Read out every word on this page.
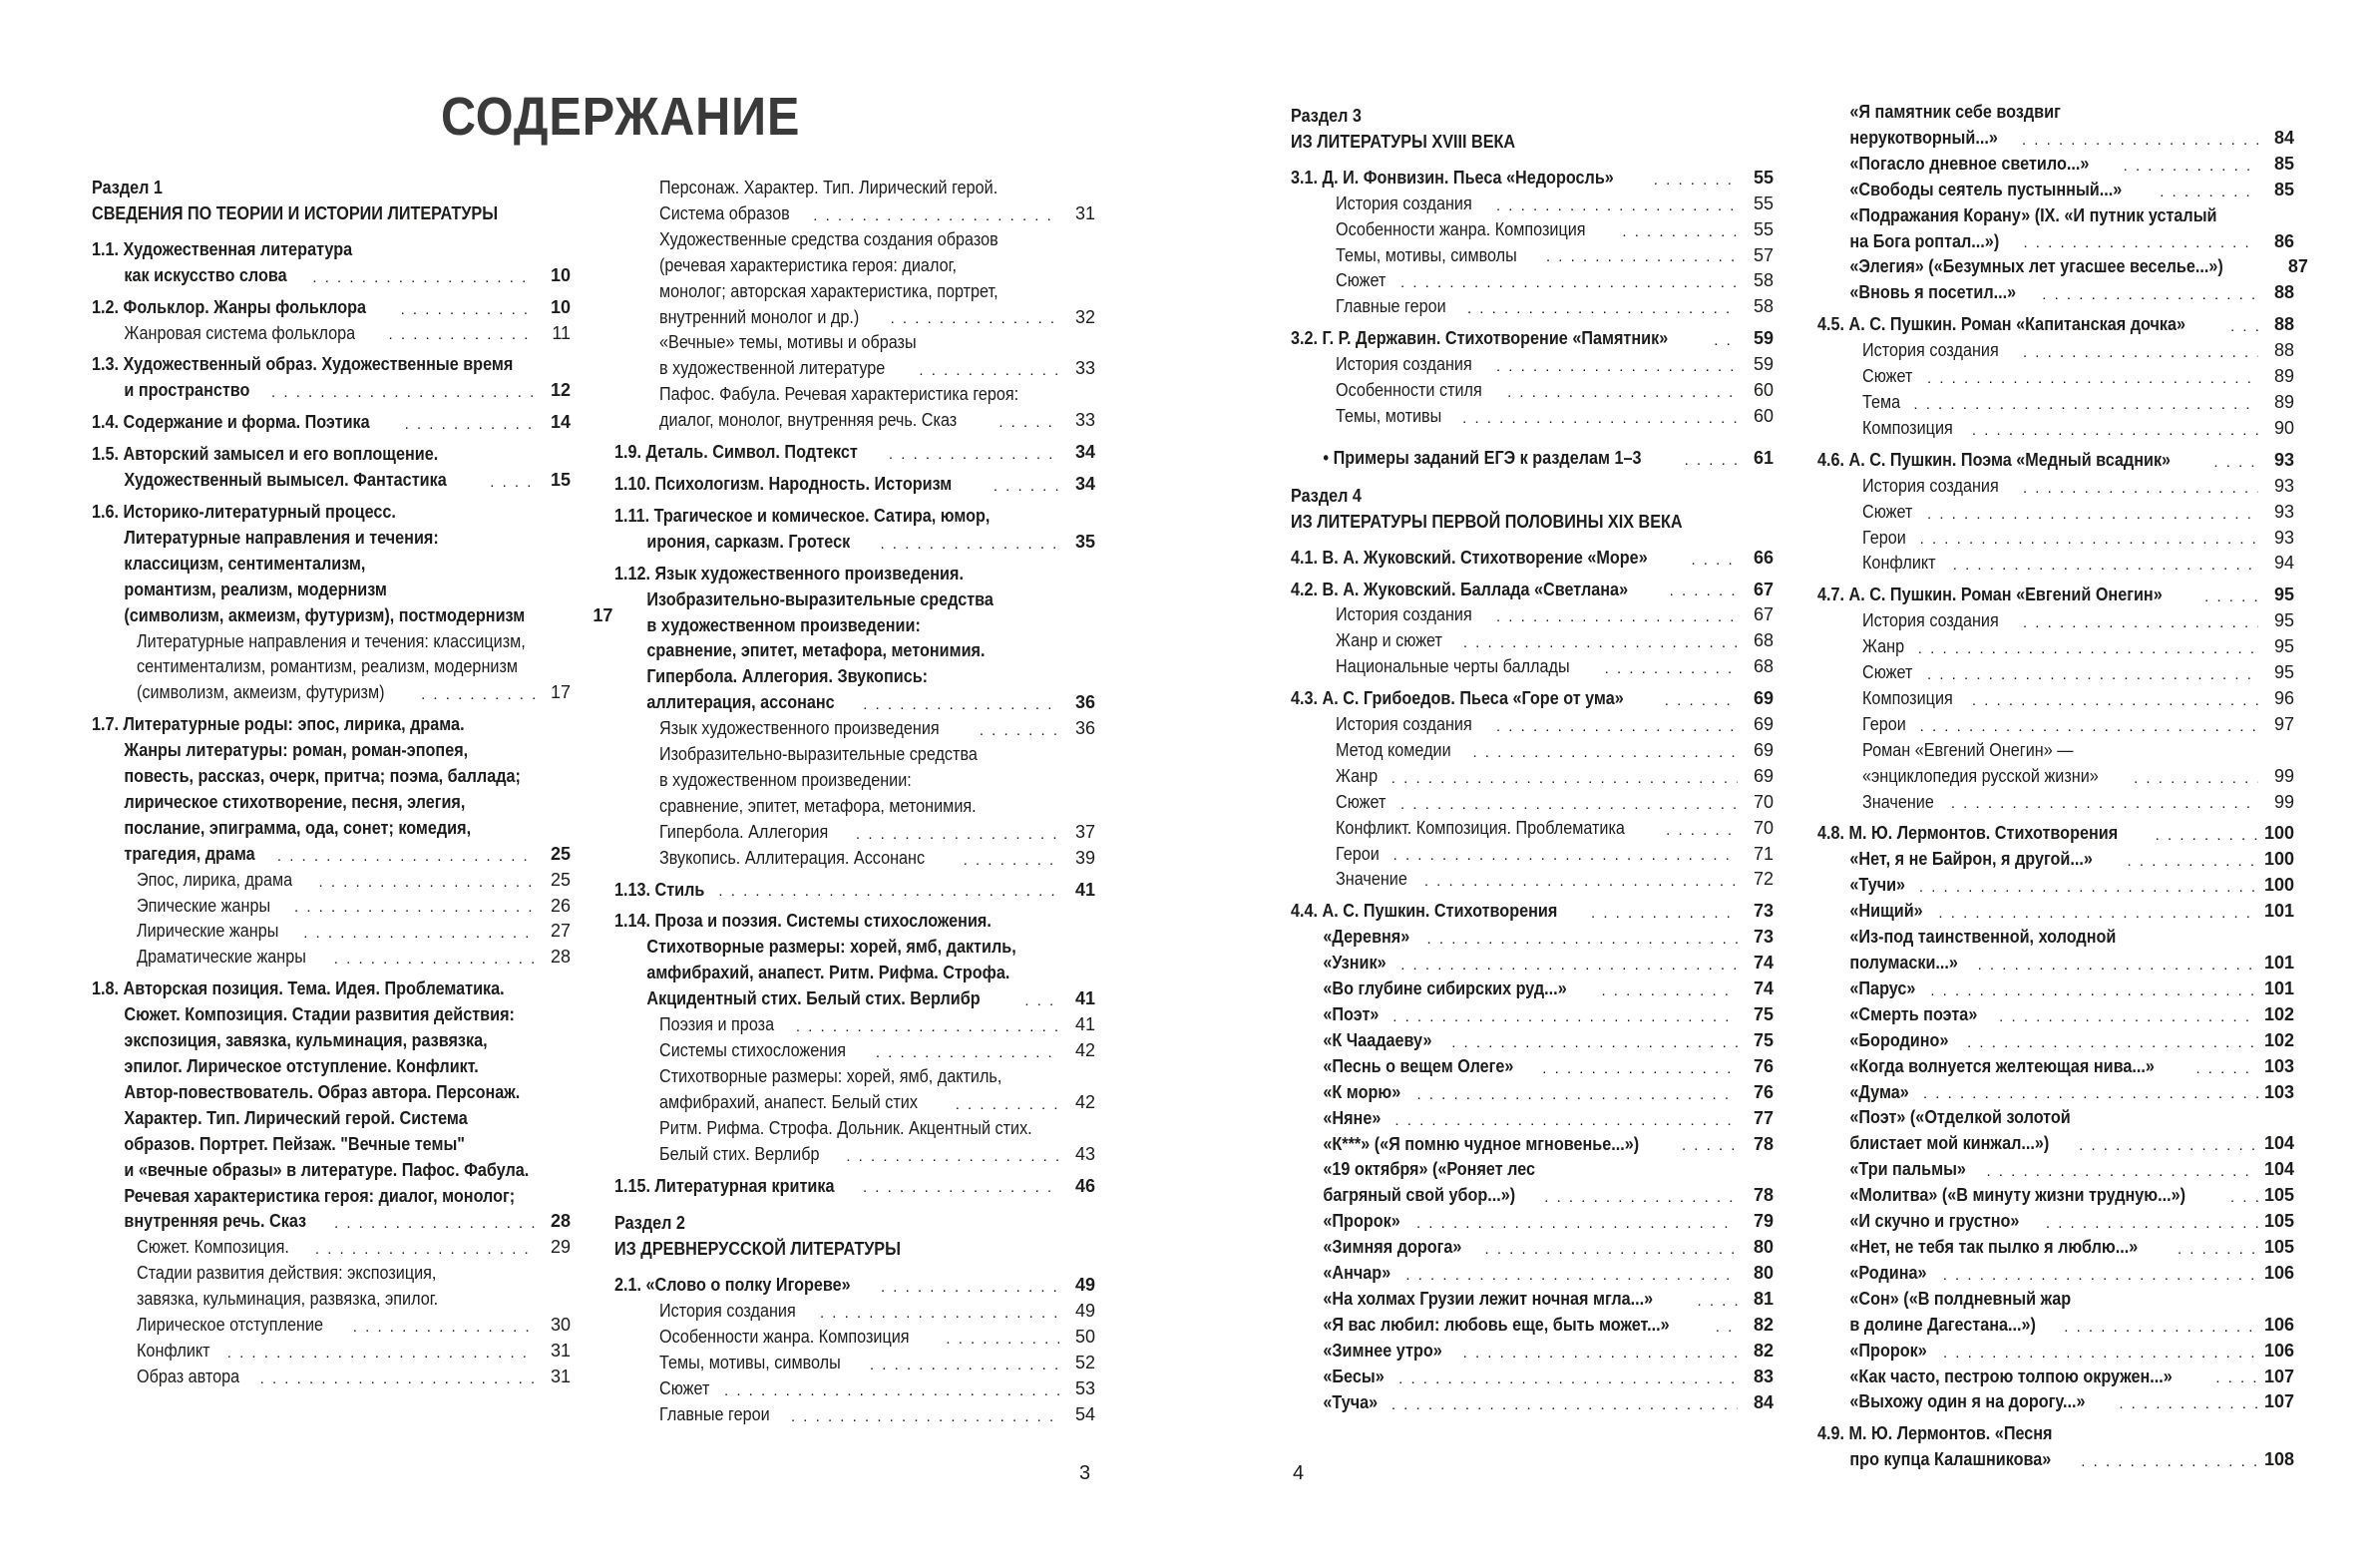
СОДЕРЖАНИЕ
Раздел 1
СВЕДЕНИЯ ПО ТЕОРИИ И ИСТОРИИ ЛИТЕРАТУРЫ
1.1. Художественная литература
как искусство слова . . .	10
1.2. Фольклор. Жанры фольклора . . .	10
Жанровая система фольклора . . .	11
1.3. Художественный образ. Художественные время
и пространство . . .	12
1.4. Содержание и форма. Поэтика . . .	14
1.5. Авторский замысел и его воплощение.
Художественный вымысел. Фантастика . . .	15
1.6. Историко-литературный процесс.
Литературные направления и течения:
классицизм, сентиментализм,
романтизм, реализм, модернизм
(символизм, акмеизм, футуризм), постмодернизм	17
Литературные направления и течения: классицизм,
сентиментализм, романтизм, реализм, модернизм
(символизм, акмеизм, футуризм) . . .	17
1.7. Литературные роды: эпос, лирика, драма.
Жанры литературы: роман, роман-эпопея,
повесть, рассказ, очерк, притча; поэма, баллада;
лирическое стихотворение, песня, элегия,
послание, эпиграмма, ода, сонет; комедия,
трагедия, драма . . .	25
Эпос, лирика, драма . . .	25
Эпические жанры . . .	26
Лирические жанры . . .	27
Драматические жанры . . .	28
1.8. Авторская позиция. Тема. Идея. Проблематика.
Сюжет. Композиция. Стадии развития действия:
экспозиция, завязка, кульминация, развязка,
эпилог. Лирическое отступление. Конфликт.
Автор-повествователь. Образ автора. Персонаж.
Характер. Тип. Лирический герой. Система
образов. Портрет. Пейзаж. "Вечные темы"
и «вечные образы» в литературе. Пафос. Фабула.
Речевая характеристика героя: диалог, монолог;
внутренняя речь. Сказ . . .	28
Сюжет. Композиция. . . .	29
Стадии развития действия: экспозиция,
завязка, кульминация, развязка, эпилог.
Лирическое отступление . . .	30
Конфликт . . .	31
Образ автора . . .	31
Персонаж. Характер. Тип. Лирический герой.
Система образов . . .	31
Художественные средства создания образов
(речевая характеристика героя: диалог,
монолог; авторская характеристика, портрет,
внутренний монолог и др.) . . .	32
«Вечные» темы, мотивы и образы
в художественной литературе . . .	33
Пафос. Фабула. Речевая характеристика героя:
диалог, монолог, внутренняя речь. Сказ . . .	33
1.9. Деталь. Символ. Подтекст . . .	34
1.10. Психологизм. Народность. Историзм . . .	34
1.11. Трагическое и комическое. Сатира, юмор,
ирония, сарказм. Гротеск . . .	35
1.12. Язык художественного произведения.
Изобразительно-выразительные средства
в художественном произведении:
сравнение, эпитет, метафора, метонимия.
Гипербола. Аллегория. Звукопись:
аллитерация, ассонанс . . .	36
Язык художественного произведения . . .	36
Изобразительно-выразительные средства
в художественном произведении:
сравнение, эпитет, метафора, метонимия.
Гипербола. Аллегория . . .	37
Звукопись. Аллитерация. Ассонанс . . .	39
1.13. Стиль . . .	41
1.14. Проза и поэзия. Системы стихосложения.
Стихотворные размеры: хорей, ямб, дактиль,
амфибрахий, анапест. Ритм. Рифма. Строфа.
Акцидентный стих. Белый стих. Верлибр . . .	41
Поэзия и проза . . .	41
Системы стихосложения . . .	42
Стихотворные размеры: хорей, ямб, дактиль,
амфибрахий, анапест. Белый стих . . .	42
Ритм. Рифма. Строфа. Дольник. Акцентный стих.
Белый стих. Верлибр . . .	43
1.15. Литературная критика . . .	46
Раздел 2
ИЗ ДРЕВНЕРУССКОЙ ЛИТЕРАТУРЫ
2.1. «Слово о полку Игореве» . . .	49
История создания . . .	49
Особенности жанра. Композиция . . .	50
Темы, мотивы, символы . . .	52
Сюжет . . .	53
Главные герои . . .	54
Раздел 3
ИЗ ЛИТЕРАТУРЫ XVIII ВЕКА
3.1. Д. И. Фонвизин. Пьеса «Недоросль» . . .	55
История создания . . .	55
Особенности жанра. Композиция . . .	55
Темы, мотивы, символы . . .	57
Сюжет . . .	58
Главные герои . . .	58
3.2. Г. Р. Державин. Стихотворение «Памятник» . . .	59
История создания . . .	59
Особенности стиля . . .	60
Темы, мотивы . . .	60
• Примеры заданий ЕГЭ к разделам 1–3 . . .	61
Раздел 4
ИЗ ЛИТЕРАТУРЫ ПЕРВОЙ ПОЛОВИНЫ XIX ВЕКА
4.1. В. А. Жуковский. Стихотворение «Море» . . .	66
4.2. В. А. Жуковский. Баллада «Светлана» . . .	67
История создания . . .	67
Жанр и сюжет . . .	68
Национальные черты баллады . . .	68
4.3. А. С. Грибоедов. Пьеса «Горе от ума» . . .	69
История создания . . .	69
Метод комедии . . .	69
Жанр . . .	69
Сюжет . . .	70
Конфликт. Композиция. Проблематика . . .	70
Герои . . .	71
Значение . . .	72
4.4. А. С. Пушкин. Стихотворения . . .	73
«Деревня» . . .	73
«Узник» . . .	74
«Во глубине сибирских руд...» . . .	74
«Поэт» . . .	75
«К Чаадаеву» . . .	75
«Песнь о вещем Олеге» . . .	76
«К морю» . . .	76
«Няне» . . .	77
«К***» («Я помню чудное мгновенье...») . . .	78
«19 октября» («Роняет лес
багряный свой убор...») . . .	78
«Пророк» . . .	79
«Зимняя дорога» . . .	80
«Анчар» . . .	80
«На холмах Грузии лежит ночная мгла...» . . .	81
«Я вас любил: любовь еще, быть может...» . . .	82
«Зимнее утро» . . .	82
«Бесы» . . .	83
«Туча» . . .	84
«Я памятник себе воздвиг
нерукотворный...» . . .	84
«Погасло дневное светило...» . . .	85
«Свободы сеятель пустынный...» . . .	85
«Подражания Корану» (IX. «И путник усталый
на Бога роптал...») . . .	86
«Элегия» («Безумных лет угасшее веселье...»)	87
«Вновь я посетил...» . . .	88
4.5. А. С. Пушкин. Роман «Капитанская дочка» . . .	88
История создания . . .	88
Сюжет . . .	89
Тема . . .	89
Композиция . . .	90
4.6. А. С. Пушкин. Поэма «Медный всадник» . . .	93
История создания . . .	93
Сюжет . . .	93
Герои . . .	93
Конфликт . . .	94
4.7. А. С. Пушкин. Роман «Евгений Онегин» . . .	95
История создания . . .	95
Жанр . . .	95
Сюжет . . .	95
Композиция . . .	96
Герои . . .	97
Роман «Евгений Онегин» —
«энциклопедия русской жизни» . . .	99
Значение . . .	99
4.8. М. Ю. Лермонтов. Стихотворения . . .	100
«Нет, я не Байрон, я другой...» . . .	100
«Тучи» . . .	100
«Нищий» . . .	101
«Из-под таинственной, холодной
полумаски...» . . .	101
«Парус» . . .	101
«Смерть поэта» . . .	102
«Бородино» . . .	102
«Когда волнуется желтеющая нива...» . . .	103
«Дума» . . .	103
«Поэт» («Отделкой золотой
блистает мой кинжал...») . . .	104
«Три пальмы» . . .	104
«Молитва» («В минуту жизни трудную...») . . .	105
«И скучно и грустно» . . .	105
«Нет, не тебя так пылко я люблю...» . . .	105
«Родина» . . .	106
«Сон» («В полдневный жар
в долине Дагестана...») . . .	106
«Пророк» . . .	106
«Как часто, пестрою толпою окружен...» . . .	107
«Выхожу один я на дорогу...» . . .	107
4.9. М. Ю. Лермонтов. «Песня
про купца Калашникова» . . .	108
3	4
